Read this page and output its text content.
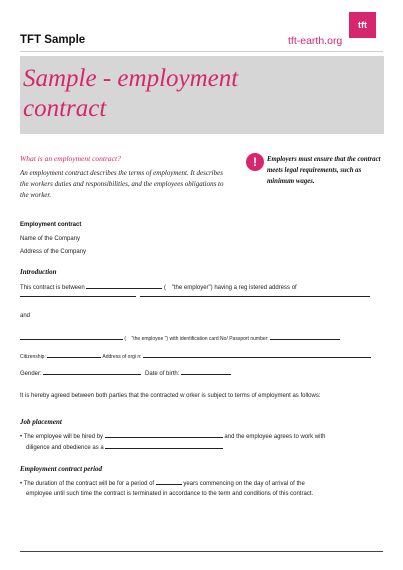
TFT Sample	tft-earth.org
tft
Sample - employment contract
What is an employment contract?
An employment contract describes the terms of employment. It describes the workers duties and responsibilities, and the employees obligations to the worker.
! Employers must ensure that the contract meets legal requirements, such as minimum wages.
Employment contract
Name of the Company
Address of the Company
Introduction
This contract is between	( "the employer") having a reg istered address of
and
( "the employee ") with identification card No/ Passport number:
Citizenship:	Address of orgi n:
Gender:	Date of birth:
It is hereby agreed between both parties that the contracted w orker is subject to terms of employment as follows:
Job placement
• The employee will be hired by	and the employee agrees to work with
diligence and obedience as a
Employment contract period
• The duration of the contract will be for a period of	years commencing on the day of arrival of the
employee until such time the contract is terminated in accordance to the term and conditions of this contract.
